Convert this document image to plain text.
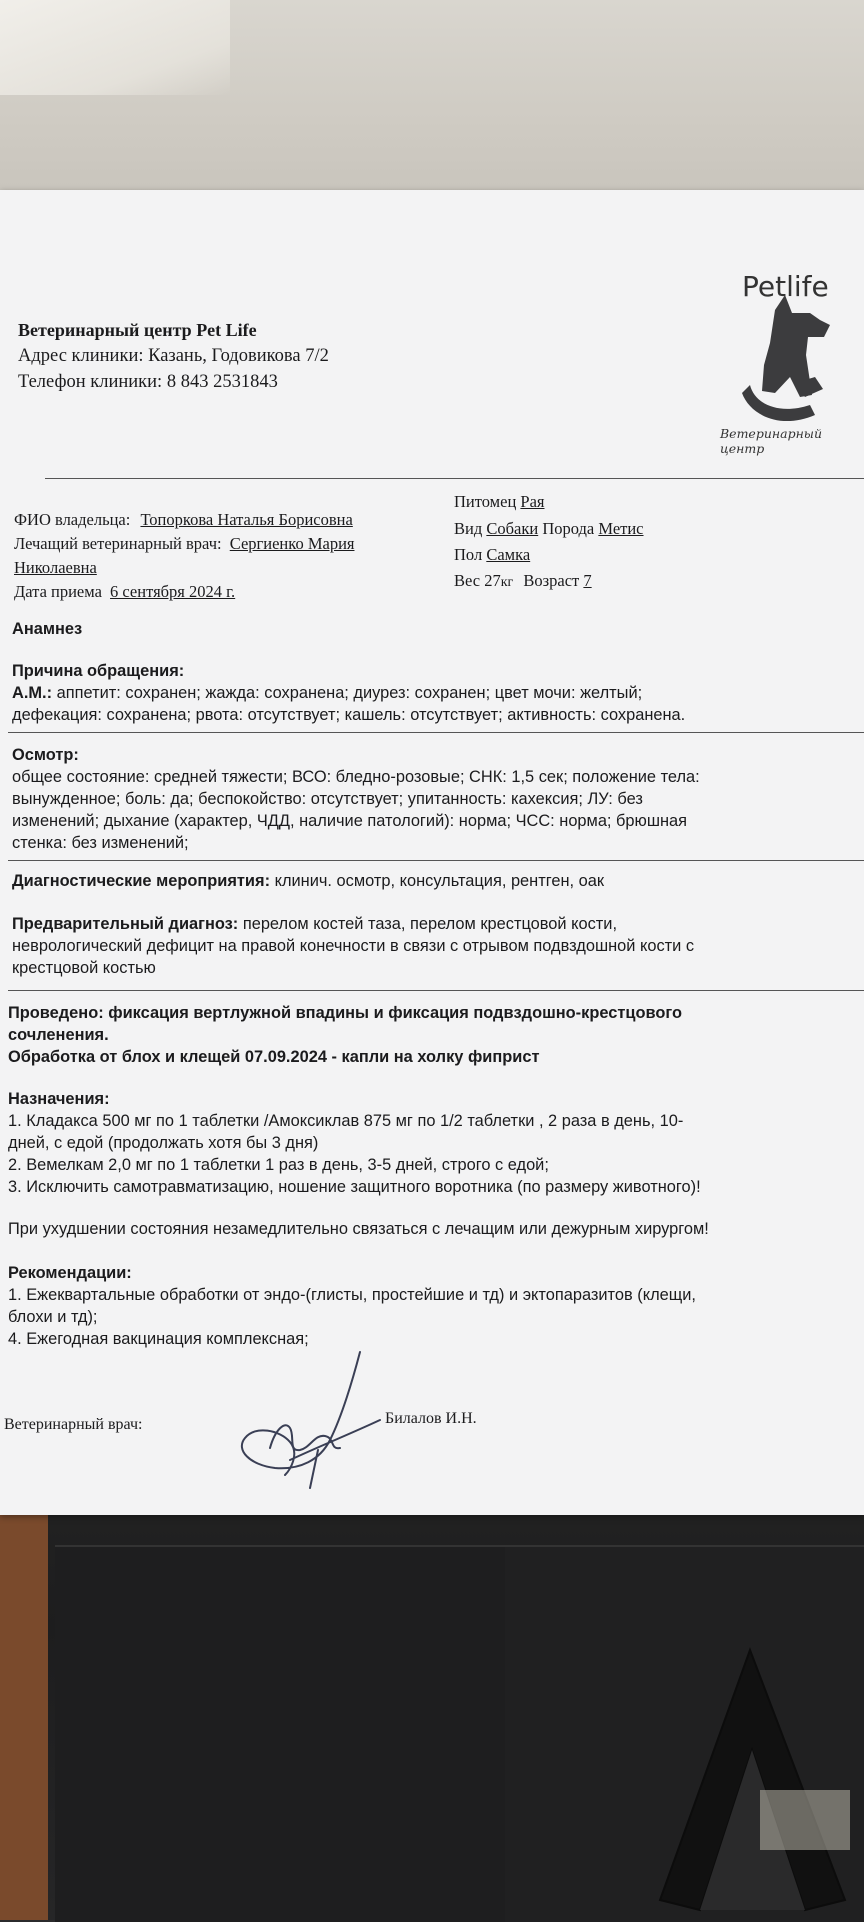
Petlife
Ветеринарный центр
Ветеринарный центр Pet Life
Адрес клиники: Казань, Годовикова 7/2
Телефон клиники: 8 843 2531843
ФИО владельца: Топоркова Наталья Борисовна
Лечащий ветеринарный врач: Сергиенко Мария
Николаевна
Дата приема 6 сентября 2024 г.
Питомец Рая
Вид Собаки Порода Метис
Пол Самка
Вес 27кг Возраст 7
Анамнез
Причина обращения:
А.М.: аппетит: сохранен; жажда: сохранена; диурез: сохранен; цвет мочи: желтый;
дефекация: сохранена; рвота: отсутствует; кашель: отсутствует; активность: сохранена.
Осмотр:
общее состояние: средней тяжести; ВСО: бледно-розовые; СНК: 1,5 сек; положение тела:
вынужденное; боль: да; беспокойство: отсутствует; упитанность: кахексия; ЛУ: без
изменений; дыхание (характер, ЧДД, наличие патологий): норма; ЧСС: норма; брюшная
стенка: без изменений;
Диагностические мероприятия: клинич. осмотр, консультация, рентген, оак
Предварительный диагноз: перелом костей таза, перелом крестцовой кости,
неврологический дефицит на правой конечности в связи с отрывом подвздошной кости с
крестцовой костью
Проведено: фиксация вертлужной впадины и фиксация подвздошно-крестцового
сочленения.
Обработка от блох и клещей 07.09.2024 - капли на холку фиприст
Назначения:
1. Кладакса 500 мг по 1 таблетки /Амоксиклав 875 мг по 1/2 таблетки , 2 раза в день, 10-
дней, с едой (продолжать хотя бы 3 дня)
2. Вемелкам 2,0 мг по 1 таблетки 1 раз в день, 3-5 дней, строго с едой;
3. Исключить самотравматизацию, ношение защитного воротника (по размеру животного)!
При ухудшении состояния незамедлительно связаться с лечащим или дежурным хирургом!
Рекомендации:
1. Ежеквартальные обработки от эндо-(глисты, простейшие и тд) и эктопаразитов (клещи,
блохи и тд);
4. Ежегодная вакцинация комплексная;
Ветеринарный врач:	Билалов И.Н.
